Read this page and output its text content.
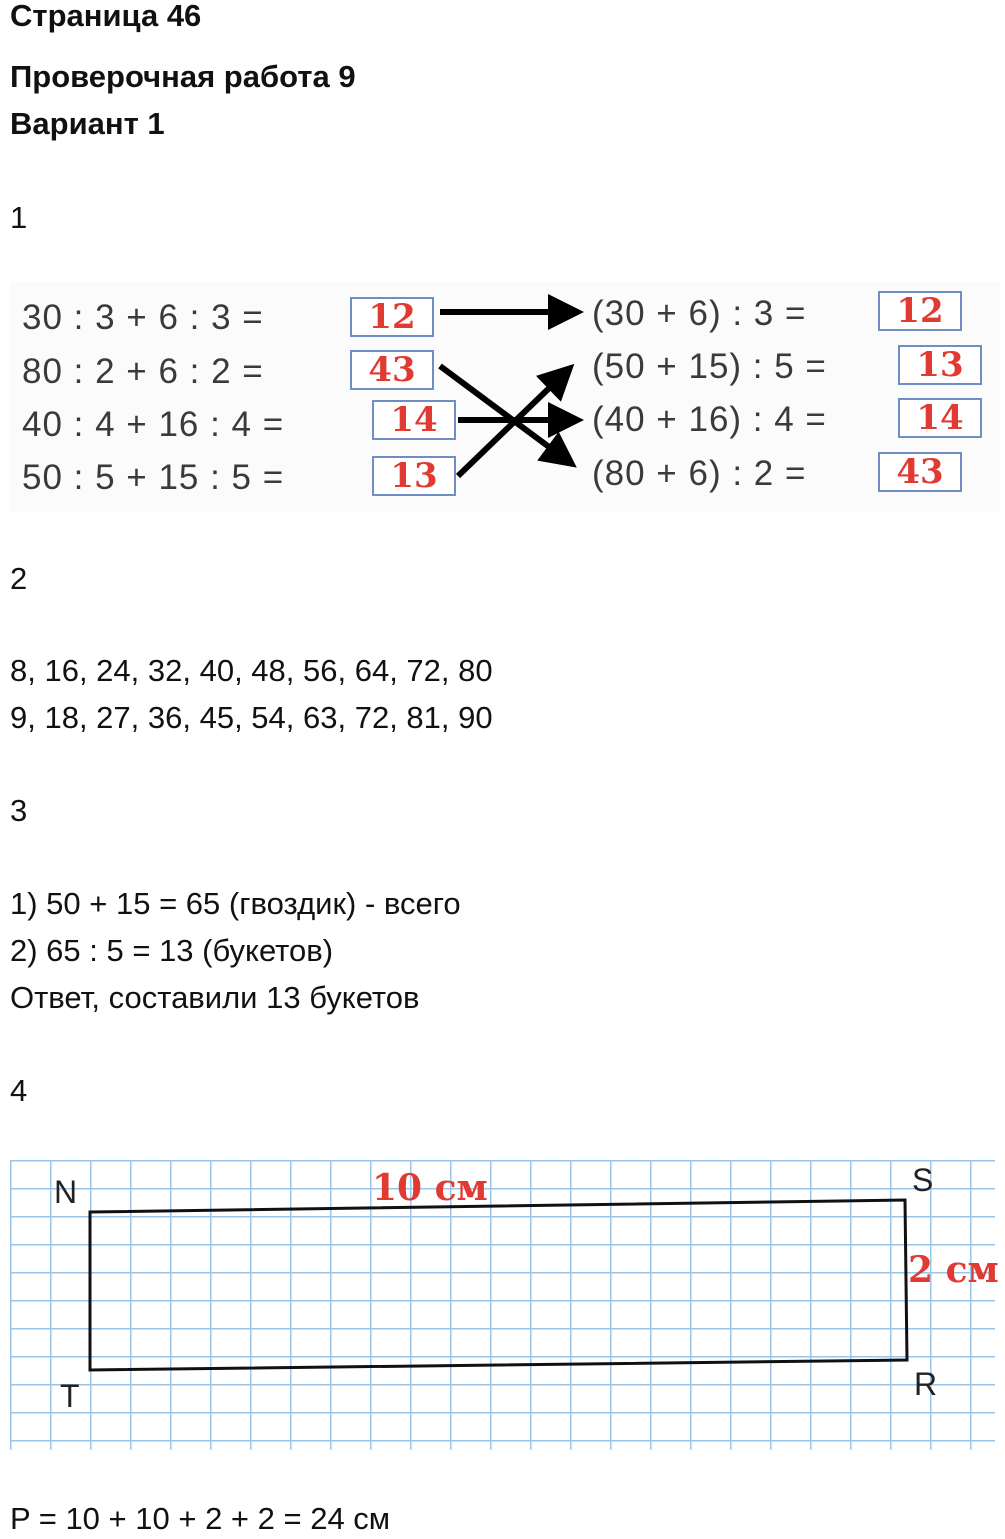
Страница 46
Проверочная работа 9
Вариант 1
1
30 : 3 + 6 : 3 =	12
80 : 2 + 6 : 2 =	43
40 : 4 + 16 : 4 =	14
50 : 5 + 15 : 5 =	13
(30 + 6) : 3 =	12
(50 + 15) : 5 =	13
(40 + 16) : 4 =	14
(80 + 6) : 2 =	43
2
8, 16, 24, 32, 40, 48, 56, 64, 72, 80
9, 18, 27, 36, 45, 54, 63, 72, 81, 90
3
1) 50 + 15 = 65 (гвоздик) - всего
2) 65 : 5 = 13 (букетов)
Ответ, составили 13 букетов
4
N	S
R
T
10 см
2 см
P = 10 + 10 + 2 + 2 = 24 см
